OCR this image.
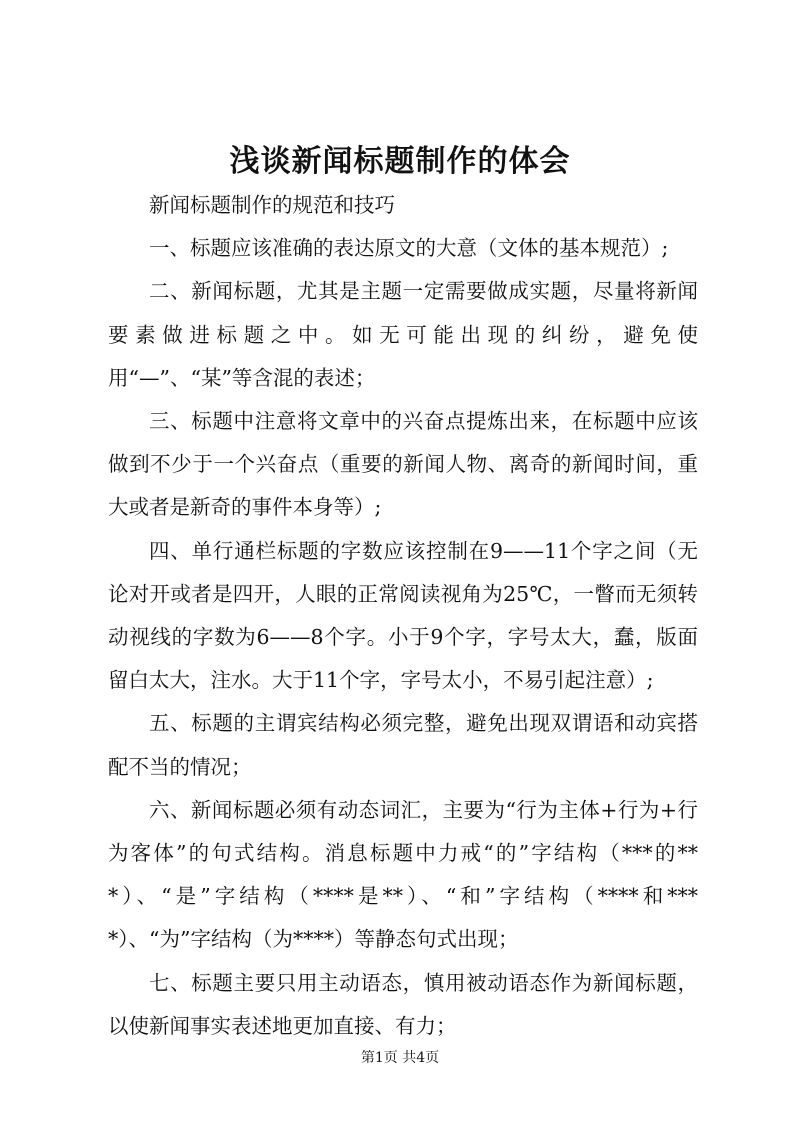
浅谈新闻标题制作的体会

新闻标题制作的规范和技巧

一、标题应该准确的表达原文的大意（文体的基本规范）;

二、新闻标题，尤其是主题一定需要做成实题，尽量将新闻要素做进标题之中。如无可能出现的纠纷，避免使用“—”、“某”等含混的表述；

三、标题中注意将文章中的兴奋点提炼出来，在标题中应该做到不少于一个兴奋点（重要的新闻人物、离奇的新闻时间，重大或者是新奇的事件本身等）;

四、单行通栏标题的字数应该控制在9——11个字之间（无论对开或者是四开，人眼的正常阅读视角为25℃，一瞥而无须转动视线的字数为6——8个字。小于9个字，字号太大，蠢，版面留白太大，注水。大于11个字，字号太小，不易引起注意）;

五、标题的主谓宾结构必须完整，避免出现双谓语和动宾搭配不当的情况；

六、新闻标题必须有动态词汇，主要为“行为主体+行为+行为客体”的句式结构。消息标题中力戒“的”字结构（***的***）、“是”字结构（****是**）、“和”字结构（****和****）、“为”字结构（为****）等静态句式出现；

七、标题主要只用主动语态，慎用被动语态作为新闻标题，以使新闻事实表述地更加直接、有力；

第1页 共4页
